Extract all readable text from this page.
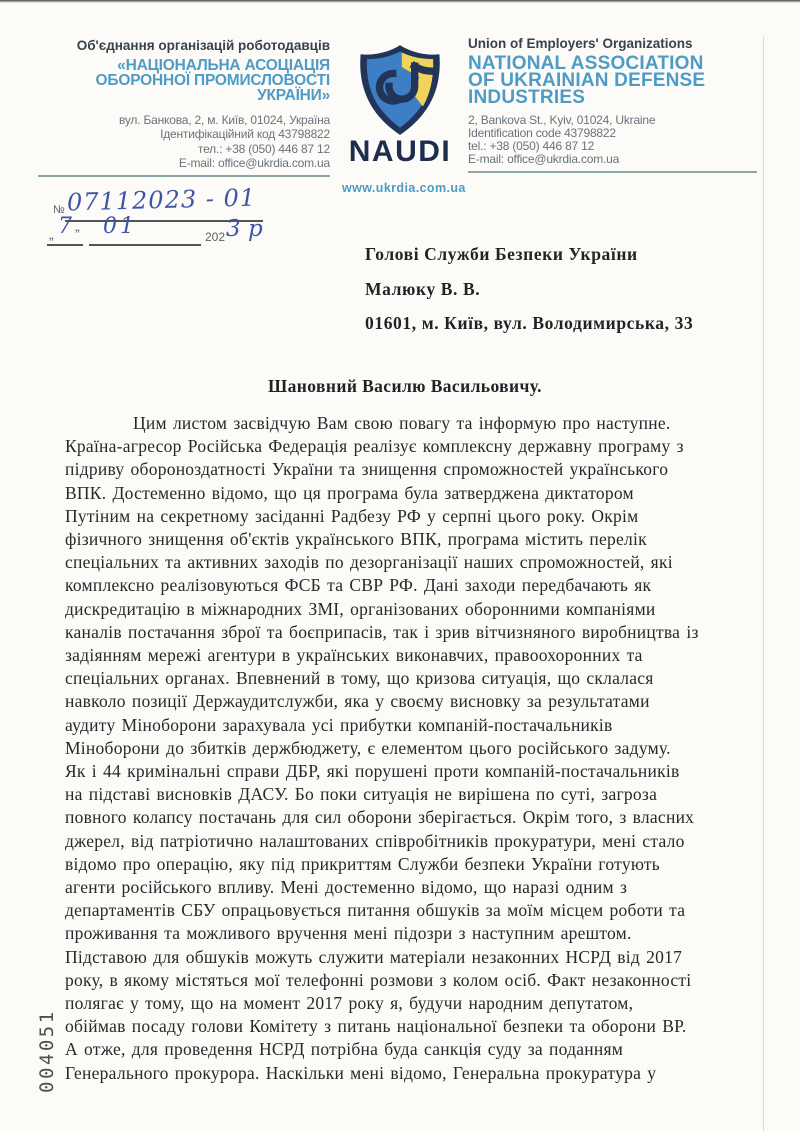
Об'єднання організацій роботодавців
«НАЦІОНАЛЬНА АСОЦІАЦІЯ
ОБОРОННОЇ ПРОМИСЛОВОСТІ
УКРАЇНИ»
вул. Банкова, 2, м. Київ, 01024, Україна
Ідентифікаційний код 43798822
тел.: +38 (050) 446 87 12
E-mail: office@ukrdia.com.ua NAUDI
www.ukrdia.com.ua
Union of Employers' Organizations
NATIONAL ASSOCIATION
OF UKRAINIAN DEFENSE
INDUSTRIES
2, Bankova St., Kyiv, 01024, Ukraine
Identification code 43798822
tel.: +38 (050) 446 87 12
E-mail: office@ukrdia.com.ua
№ 07112023 - 01
„ 7 ” 01	202 3 р
Голові Служби Безпеки України
Малюку В. В.
01601, м. Київ, вул. Володимирська, 33
Шановний Василю Васильовичу.
Цим листом засвідчую Вам свою повагу та інформую про наступне.
Країна-агресор Російська Федерація реалізує комплексну державну програму з
підриву обороноздатності України та знищення спроможностей українського
ВПК. Достеменно відомо, що ця програма була затверджена диктатором
Путіним на секретному засіданні Радбезу РФ у серпні цього року. Окрім
фізичного знищення об'єктів українського ВПК, програма містить перелік
спеціальних та активних заходів по дезорганізації наших спроможностей, які
комплексно реалізовуються ФСБ та СВР РФ. Дані заходи передбачають як
дискредитацію в міжнародних ЗМІ, організованих оборонними компаніями
каналів постачання зброї та боєприпасів, так і зрив вітчизняного виробництва із
задіянням мережі агентури в українських виконавчих, правоохоронних та
спеціальних органах. Впевнений в тому, що кризова ситуація, що склалася
навколо позиції Держаудитслужби, яка у своєму висновку за результатами
аудиту Міноборони зарахувала усі прибутки компаній-постачальників
Міноборони до збитків держбюджету, є елементом цього російського задуму.
Як і 44 кримінальні справи ДБР, які порушені проти компаній-постачальників
на підставі висновків ДАСУ. Бо поки ситуація не вирішена по суті, загроза
повного колапсу постачань для сил оборони зберігається. Окрім того, з власних
джерел, від патріотично налаштованих співробітників прокуратури, мені стало
відомо про операцію, яку під прикриттям Служби безпеки України готують
агенти російського впливу. Мені достеменно відомо, що наразі одним з
департаментів СБУ опрацьовується питання обшуків за моїм місцем роботи та
проживання та можливого вручення мені підозри з наступним арештом.
Підставою для обшуків можуть служити матеріали незаконних НСРД від 2017
року, в якому містяться мої телефонні розмови з колом осіб. Факт незаконності
полягає у тому, що на момент 2017 року я, будучи народним депутатом,
обіймав посаду голови Комітету з питань національної безпеки та оборони ВР.
А отже, для проведення НСРД потрібна буда санкція суду за поданням
Генерального прокурора. Наскільки мені відомо, Генеральна прокуратура у
004051
